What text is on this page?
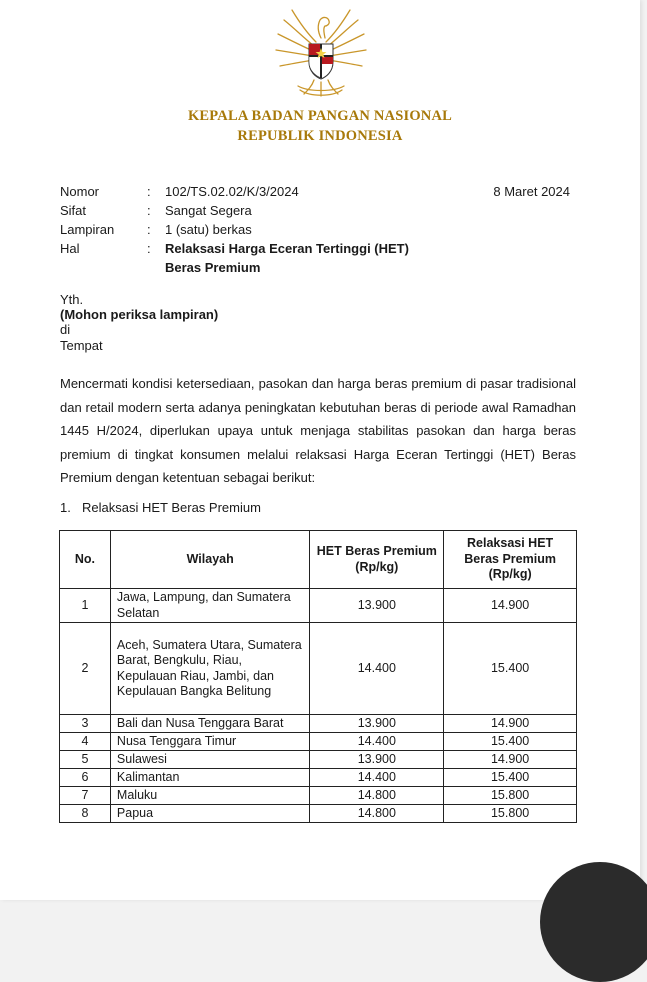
KEPALA BADAN PANGAN NASIONAL
REPUBLIK INDONESIA
Nomor	:	102/TS.02.02/K/3/2024
Sifat	:	Sangat Segera
Lampiran	:	1 (satu) berkas
Hal	:	Relaksasi Harga Eceran Tertinggi (HET)
Beras Premium
8 Maret 2024
Yth.
(Mohon periksa lampiran)
di
Tempat
Mencermati kondisi ketersediaan, pasokan dan harga beras premium di pasar tradisional dan retail modern serta adanya peningkatan kebutuhan beras di periode awal Ramadhan 1445 H/2024, diperlukan upaya untuk menjaga stabilitas pasokan dan harga beras premium di tingkat konsumen melalui relaksasi Harga Eceran Tertinggi (HET) Beras Premium dengan ketentuan sebagai berikut:
1. Relaksasi HET Beras Premium
No.	Wilayah	HET Beras Premium (Rp/kg)	Relaksasi HET Beras Premium (Rp/kg)
1	Jawa, Lampung, dan Sumatera Selatan	13.900	14.900
2	Aceh, Sumatera Utara, Sumatera Barat, Bengkulu, Riau, Kepulauan Riau, Jambi, dan Kepulauan Bangka Belitung	14.400	15.400
3	Bali dan Nusa Tenggara Barat	13.900	14.900
4	Nusa Tenggara Timur	14.400	15.400
5	Sulawesi	13.900	14.900
6	Kalimantan	14.400	15.400
7	Maluku	14.800	15.800
8	Papua	14.800	15.800
